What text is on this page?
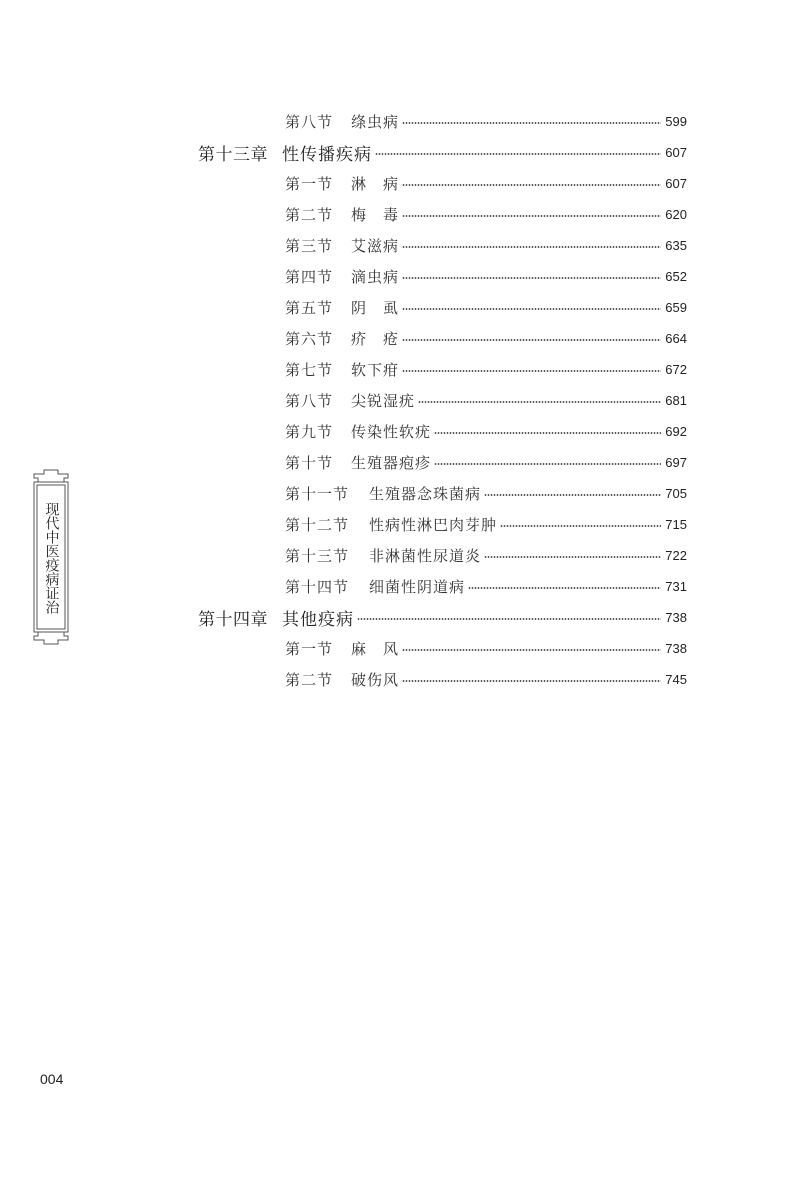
第八节	绦虫病	599
第十三章 性传播疾病	607
第一节	淋　病	607
第二节	梅　毒	620
第三节	艾滋病	635
第四节	滴虫病	652
第五节	阴　虱	659
第六节	疥　疮	664
第七节	软下疳	672
第八节	尖锐湿疣	681
第九节	传染性软疣	692
第十节	生殖器疱疹	697
第十一节	生殖器念珠菌病	705
第十二节	性病性淋巴肉芽肿	715
第十三节	非淋菌性尿道炎	722
第十四节	细菌性阴道病	731
第十四章 其他疫病	738
第一节	麻　风	738
第二节	破伤风	745
现代中医疫病证治
004
